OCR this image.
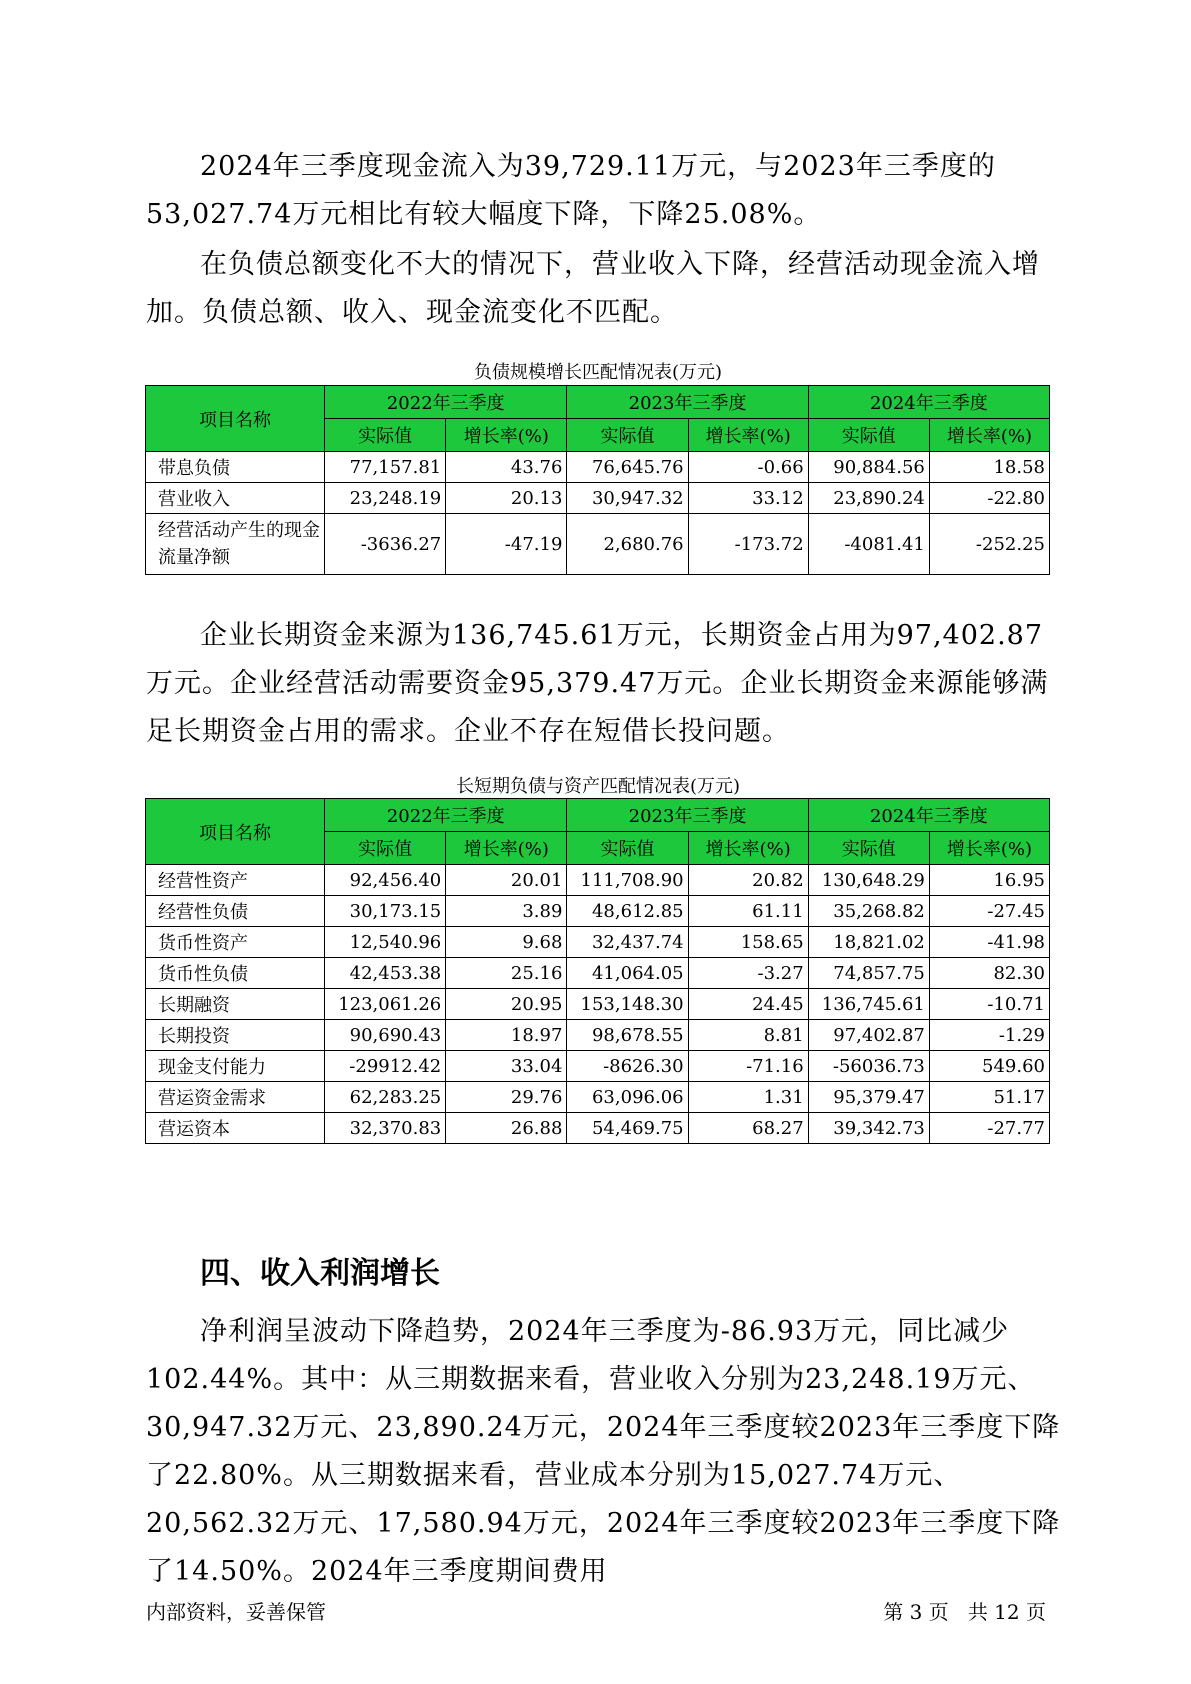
2024年三季度现金流入为39,729.11万元，与2023年三季度的53,027.74万元相比有较大幅度下降，下降25.08%。

在负债总额变化不大的情况下，营业收入下降，经营活动现金流入增加。负债总额、收入、现金流变化不匹配。

负债规模增长匹配情况表(万元)

项目名称	2022年三季度		2023年三季度		2024年三季度	
	实际值	增长率(%)	实际值	增长率(%)	实际值	增长率(%)
带息负债	77,157.81	43.76	76,645.76	-0.66	90,884.56	18.58
营业收入	23,248.19	20.13	30,947.32	33.12	23,890.24	-22.80
经营活动产生的现金流量净额	-3636.27	-47.19	2,680.76	-173.72	-4081.41	-252.25

企业长期资金来源为136,745.61万元，长期资金占用为97,402.87万元。企业经营活动需要资金95,379.47万元。企业长期资金来源能够满足长期资金占用的需求。企业不存在短借长投问题。

长短期负债与资产匹配情况表(万元)

项目名称	2022年三季度		2023年三季度		2024年三季度	
	实际值	增长率(%)	实际值	增长率(%)	实际值	增长率(%)
经营性资产	92,456.40	20.01	111,708.90	20.82	130,648.29	16.95
经营性负债	30,173.15	3.89	48,612.85	61.11	35,268.82	-27.45
货币性资产	12,540.96	9.68	32,437.74	158.65	18,821.02	-41.98
货币性负债	42,453.38	25.16	41,064.05	-3.27	74,857.75	82.30
长期融资	123,061.26	20.95	153,148.30	24.45	136,745.61	-10.71
长期投资	90,690.43	18.97	98,678.55	8.81	97,402.87	-1.29
现金支付能力	-29912.42	33.04	-8626.30	-71.16	-56036.73	549.60
营运资金需求	62,283.25	29.76	63,096.06	1.31	95,379.47	51.17
营运资本	32,370.83	26.88	54,469.75	68.27	39,342.73	-27.77
四、收入利润增长

净利润呈波动下降趋势，2024年三季度为-86.93万元，同比减少102.44%。其中：从三期数据来看，营业收入分别为23,248.19万元、30,947.32万元、23,890.24万元，2024年三季度较2023年三季度下降了22.80%。从三期数据来看，营业成本分别为15,027.74万元、20,562.32万元、17,580.94万元，2024年三季度较2023年三季度下降了14.50%。2024年三季度期间费用

内部资料，妥善保管	第 3 页   共 12 页
